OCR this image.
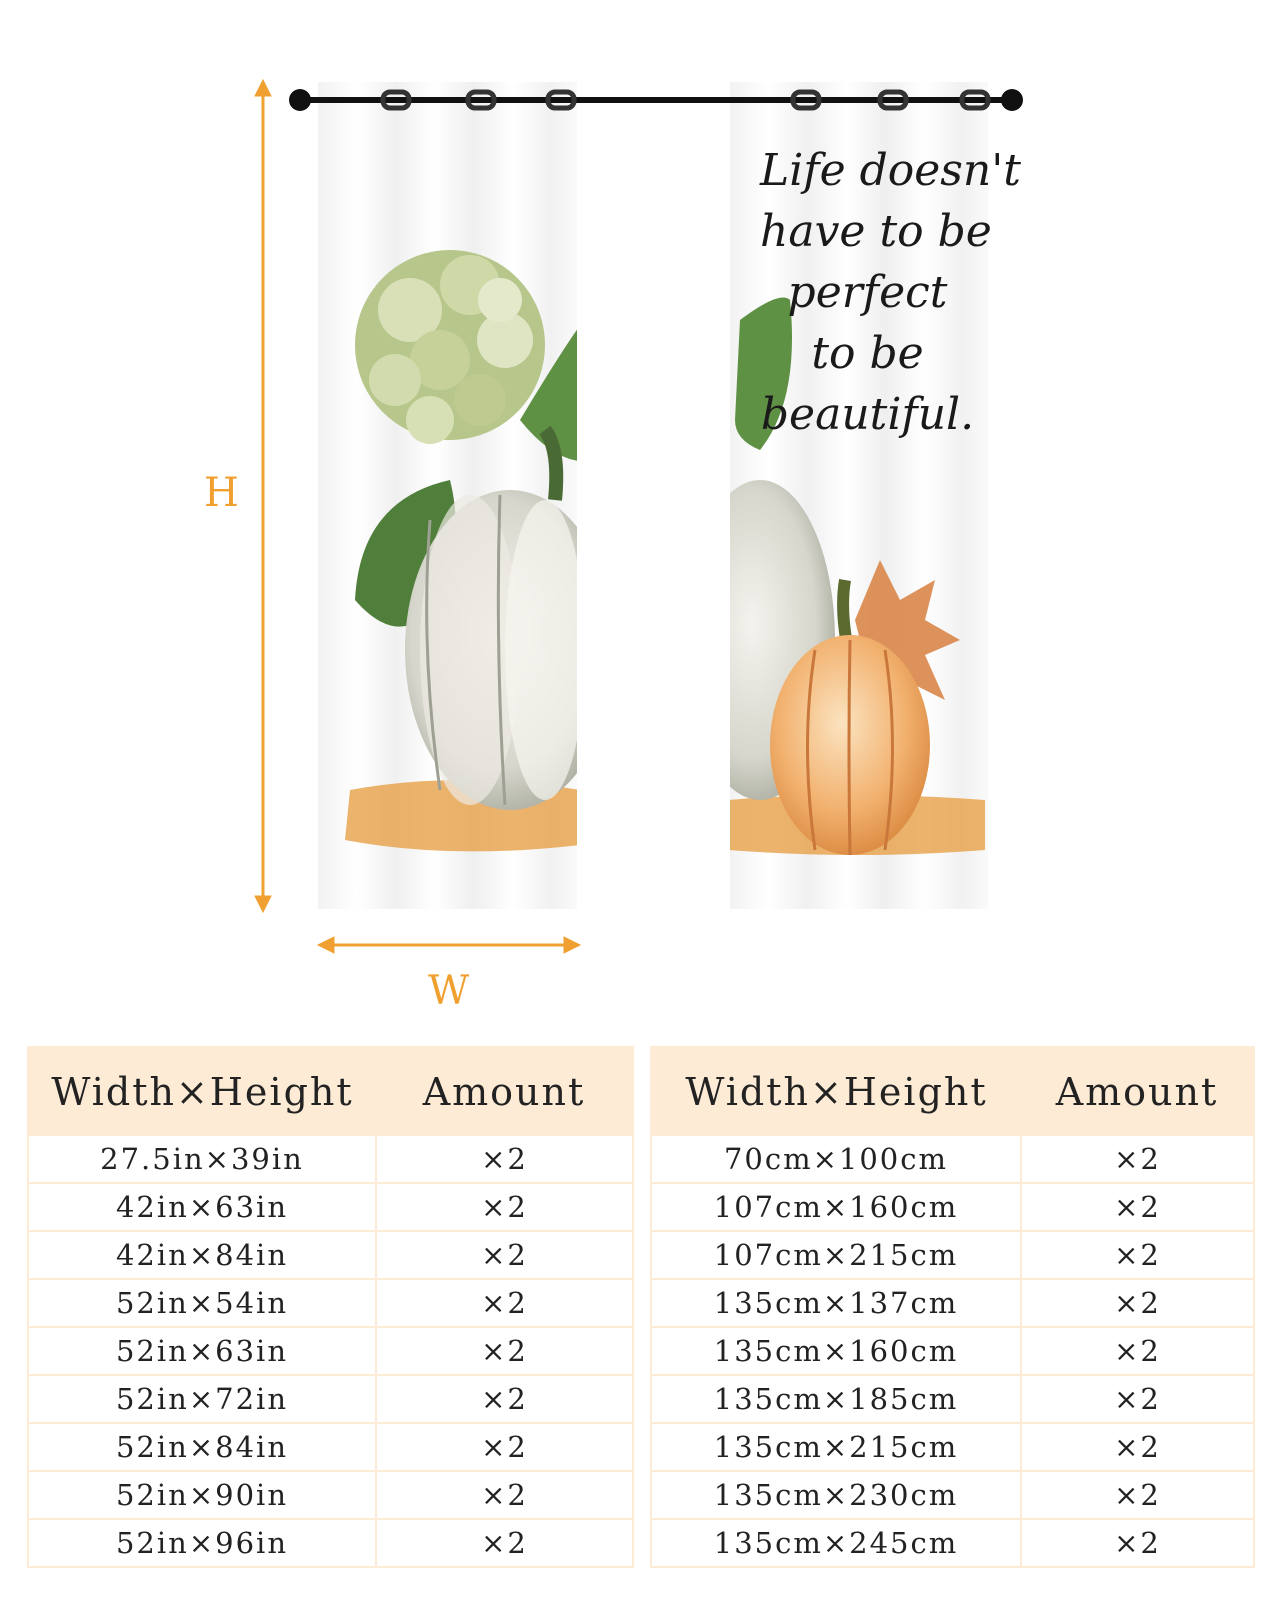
H
W
Life doesn't
have to be
perfect
to be
beautiful.
Width×Height	Amount
27.5in×39in	×2
42in×63in	×2
42in×84in	×2
52in×54in	×2
52in×63in	×2
52in×72in	×2
52in×84in	×2
52in×90in	×2
52in×96in	×2
Width×Height	Amount
70cm×100cm	×2
107cm×160cm	×2
107cm×215cm	×2
135cm×137cm	×2
135cm×160cm	×2
135cm×185cm	×2
135cm×215cm	×2
135cm×230cm	×2
135cm×245cm	×2
